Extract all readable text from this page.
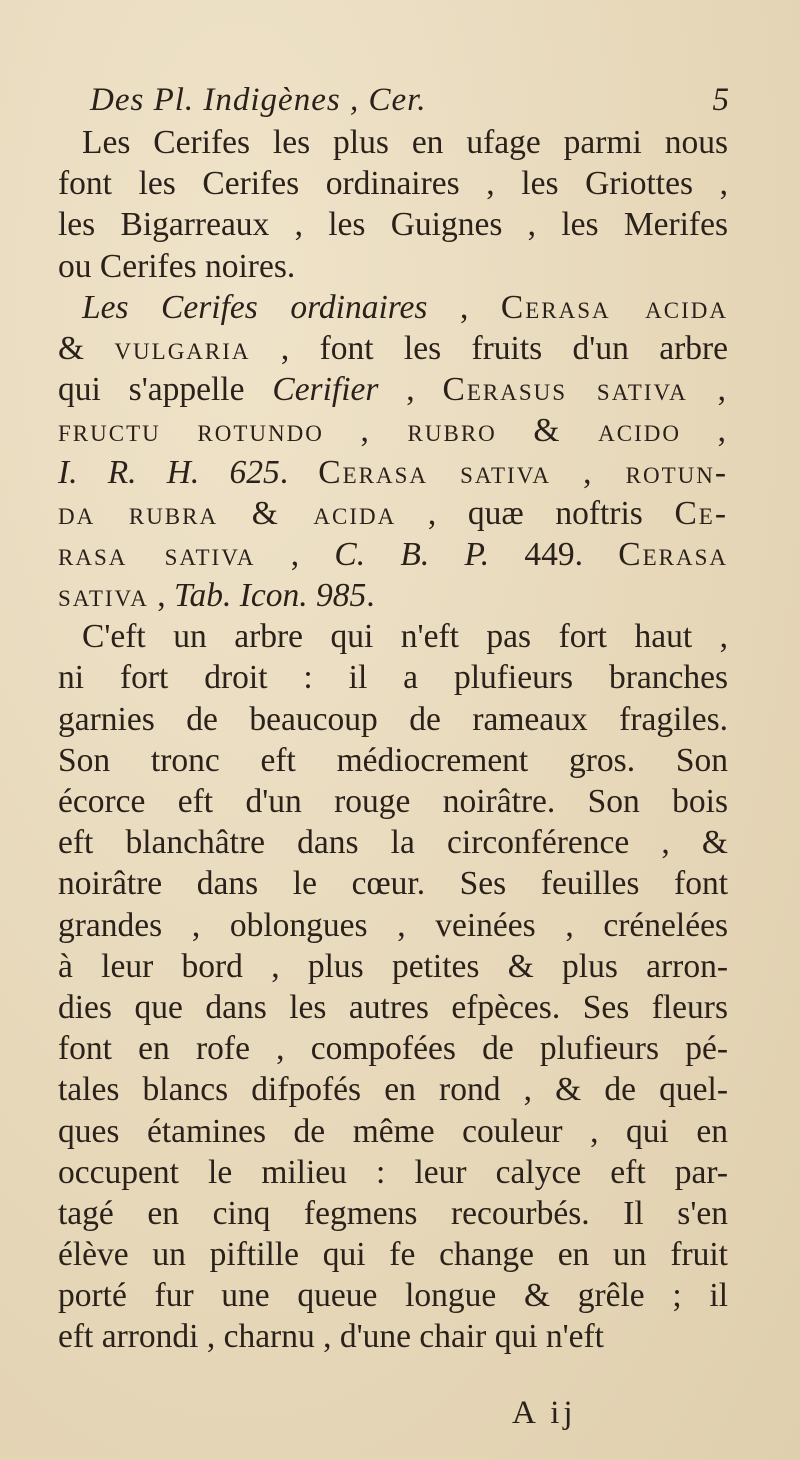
Des Pl. Indigènes , Cer.	5
Les Cerifes les plus en ufage parmi nous
font les Cerifes ordinaires , les Griottes ,
les Bigarreaux , les Guignes , les Merifes
ou Cerifes noires.
Les Cerifes ordinaires , Cerasa acida
& vulgaria , font les fruits d'un arbre
qui s'appelle Cerifier , Cerasus sativa ,
fructu rotundo , rubro & acido ,
I. R. H. 625. Cerasa sativa , rotun-
da rubra & acida , quæ noftris Ce-
rasa sativa , C. B. P. 449. Cerasa
sativa , Tab. Icon. 985.
C'eft un arbre qui n'eft pas fort haut ,
ni fort droit : il a plufieurs branches
garnies de beaucoup de rameaux fragiles.
Son tronc eft médiocrement gros. Son
écorce eft d'un rouge noirâtre. Son bois
eft blanchâtre dans la circonférence , &
noirâtre dans le cœur. Ses feuilles font
grandes , oblongues , veinées , crénelées
à leur bord , plus petites & plus arron-
dies que dans les autres efpèces. Ses fleurs
font en rofe , compofées de plufieurs pé-
tales blancs difpofés en rond , & de quel-
ques étamines de même couleur , qui en
occupent le milieu : leur calyce eft par-
tagé en cinq fegmens recourbés. Il s'en
élève un piftille qui fe change en un fruit
porté fur une queue longue & grêle ; il
eft arrondi , charnu , d'une chair qui n'eft
A ij
